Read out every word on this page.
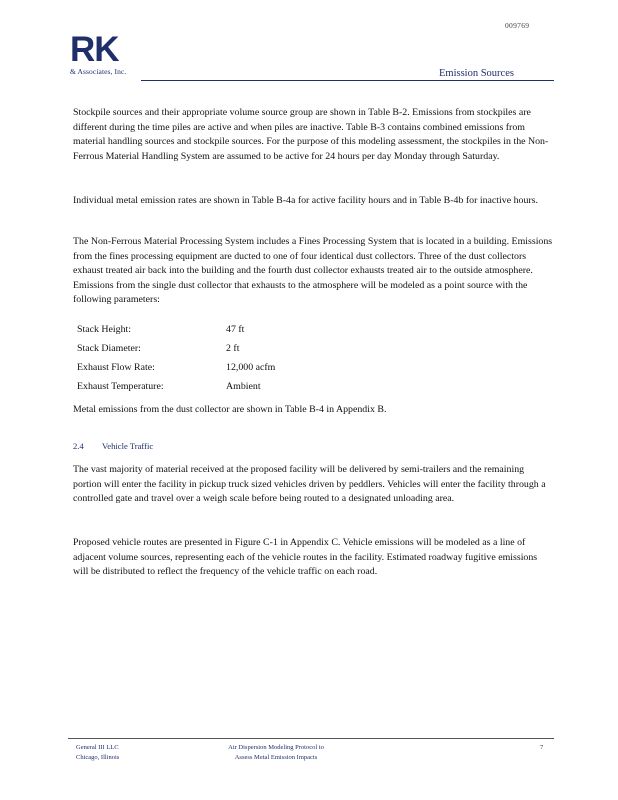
009769
RK
& Associates, Inc.	Emission Sources

Stockpile sources and their appropriate volume source group are shown in Table B-2. Emissions from stockpiles are different during the time piles are active and when piles are inactive. Table B-3 contains combined emissions from material handling sources and stockpile sources. For the purpose of this modeling assessment, the stockpiles in the Non-Ferrous Material Handling System are assumed to be active for 24 hours per day Monday through Saturday.

Individual metal emission rates are shown in Table B-4a for active facility hours and in Table B-4b for inactive hours.

The Non-Ferrous Material Processing System includes a Fines Processing System that is located in a building. Emissions from the fines processing equipment are ducted to one of four identical dust collectors. Three of the dust collectors exhaust treated air back into the building and the fourth dust collector exhausts treated air to the outside atmosphere. Emissions from the single dust collector that exhausts to the atmosphere will be modeled as a point source with the following parameters:

Stack Height:	47 ft
Stack Diameter:	2 ft
Exhaust Flow Rate:	12,000 acfm
Exhaust Temperature:	Ambient

Metal emissions from the dust collector are shown in Table B-4 in Appendix B.

2.4 Vehicle Traffic

The vast majority of material received at the proposed facility will be delivered by semi-trailers and the remaining portion will enter the facility in pickup truck sized vehicles driven by peddlers. Vehicles will enter the facility through a controlled gate and travel over a weigh scale before being routed to a designated unloading area.

Proposed vehicle routes are presented in Figure C-1 in Appendix C. Vehicle emissions will be modeled as a line of adjacent volume sources, representing each of the vehicle routes in the facility. Estimated roadway fugitive emissions will be distributed to reflect the frequency of the vehicle traffic on each road.

General III LLC
Chicago, Illinois
Air Dispersion Modeling Protocol to
Assess Metal Emission Impacts
7
